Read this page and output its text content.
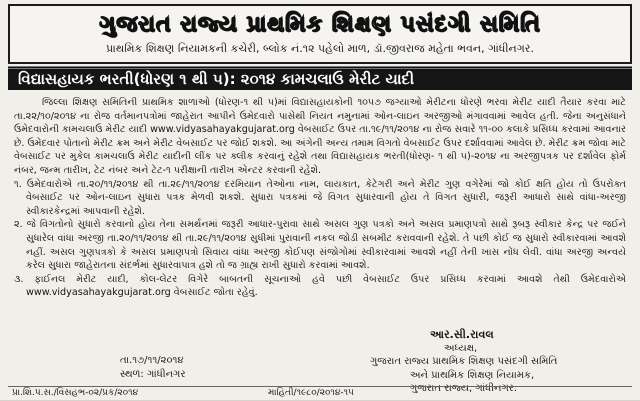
ગુજરાત રાજ્ય પ્રાથમિક શિક્ષણ પસંદગી સમિતિ
પ્રાથમિક શિક્ષણ નિયામકની કચેરી, બ્લોક નં.૧૨ પહેલો માળ, ડૉ.જીવરાજ મહેતા ભવન, ગાંધીનગર.
વિદ્યાસહાયક ભરતી(ધોરણ ૧ થી ૫): ૨૦૧૪ કામચલાઉ મેરીટ યાદી

જિલ્લા શિક્ષણ સમિતિની પ્રાથમિક શાળાઓ (ધોરણ-૧ થી ૫)માં વિદ્યાસહાયકોની ૧૦૫૭ જગ્યાઓ મેરીટના ધોરણે ભરવા મેરીટ યાદી તૈયાર કરવા માટે તા.૨૨/૧૦/૨૦૧૪ ના રોજ વર્તમાનપત્રોમાં જાહેરાત આપીને ઉમેદવારો પાસેથી નિયત નમુનામાં ઓન-લાઇન અરજીઓ મંગાવવામાં આવેલ હતી. જેના અનુસંધાને ઉમેદવારોની કામચલાઉ મેરીટ યાદી www.vidyasahayakgujarat.org વેબસાઈટ ઉપર તા.૧૯/૧૧/૨૦૧૪ ના રોજ સવારે ૧૧-૦૦ કલાકે પ્રસિધ્ધ કરવામાં આવનાર છે. ઉમેદવાર પોતાનો મેરીટ ક્રમ અને મેરીટ વેબસાઈટ પર જોઈ શકશે. આ અંગેની અન્ય તમામ વિગતો વેબસાઈટ ઉપર દર્શાવવામાં આવેલ છે. મેરીટ ક્રમ જોવા માટે વેબસાઈટ પર મુકેલ કામચલાઉ મેરીટ યાદીની લીંક પર ક્લીક કરવાનું રહેશે તથા વિદ્યાસહાયક ભરતી(ધોરણ- ૧ થી ૫)-૨૦૧૪ ના અરજીપત્રક પર દર્શાવેલ ફોર્મ નંબર, જન્મ તારીખ, ટેટ નંબર અને ટેટ-૧ પરીક્ષાની તારીખ એન્ટર કરવાની રહેશે.

૧. ઉમેદવારોએ તા.૨૦/૧૧/૨૦૧૪ થી તા.૨૯/૧૧/૨૦૧૪ દરમિયાન તેઓના નામ, લાયકાત, કેટેગરી અને મેરીટ ગુણ વગેરેમાં જો કોઈ ક્ષતિ હોય તો ઉપરોક્ત વેબસાઈટ પર ઓન-લાઇન સુધારા પત્રક મેળવી શકશે. સુધારા પત્રકમાં જે વિગત સુધારવાની હોય તે વિગત સુધારી, જરૂરી આધારો સાથે વાંધા-અરજી સ્વીકારકેન્દ્રમાં આપવાની રહેશે.
૨. જે વિગતોનો સુધારો કરવાનો હોય તેના સમર્થનમાં જરૂરી આધાર-પુરાવા સાથે અસલ ગુણ પત્રકો અને અસલ પ્રમાણપત્રો સાથે રૂબરૂ સ્વીકાર કેન્દ્ર પર જઈને સુધારેલ વાંધા અરજી તા.૨૦/૧૧/૨૦૧૪ થી તા.૨૯/૧૧/૨૦૧૪ સુધીમાં પુરાવાની નકલ જોડી સબમીટ કરાવવાની રહેશે. તે પછી કોઈ જ સુધારો સ્વીકારવામાં આવશે નહીં. અસલ ગુણપત્રકો કે અસલ પ્રમાણપત્રો સિવાય વાંધા અરજી કોઈપણ સંજોગોમાં સ્વીકારવામાં આવશે નહીં તેની ખાસ નોંધ લેવી. વાંધા અરજી અન્વયે કરેલ સુધારા જાહેરાતના સંદર્ભમાં સુધારવાપાત્ર હશે તો જ ગ્રાહ્ય રાખી સુધારો કરવામાં આવશે.
૩. ફાઈનલ મેરીટ યાદી, કોલ-લેટર વિગેરે બાબતની સૂચનાઓ હવે પછી વેબસાઈટ ઉપર પ્રસિધ્ધ કરવામાં આવશે તેથી ઉમેદવારોએ www.vidyasahayakgujarat.org વેબસાઈટ જોતા રહેવું.
તા.૧૭/૧૧/૨૦૧૪
સ્થળ: ગાંધીનગર
આર.સી.રાવલ
અધ્યક્ષ,
ગુજરાત રાજ્ય પ્રાથમિક શિક્ષણ પસંદગી સમિતિ
અને પ્રાથમિક શિક્ષણ નિયામક,
ગુજરાત રાજ્ય, ગાંધીનગર.
પ્રા.શિ.પ.સ./વિસહભ-૦૨/પ્રક/૨૦૧૪	માહિતી/૧૯૮૦/૨૦૧૪-૧૫
